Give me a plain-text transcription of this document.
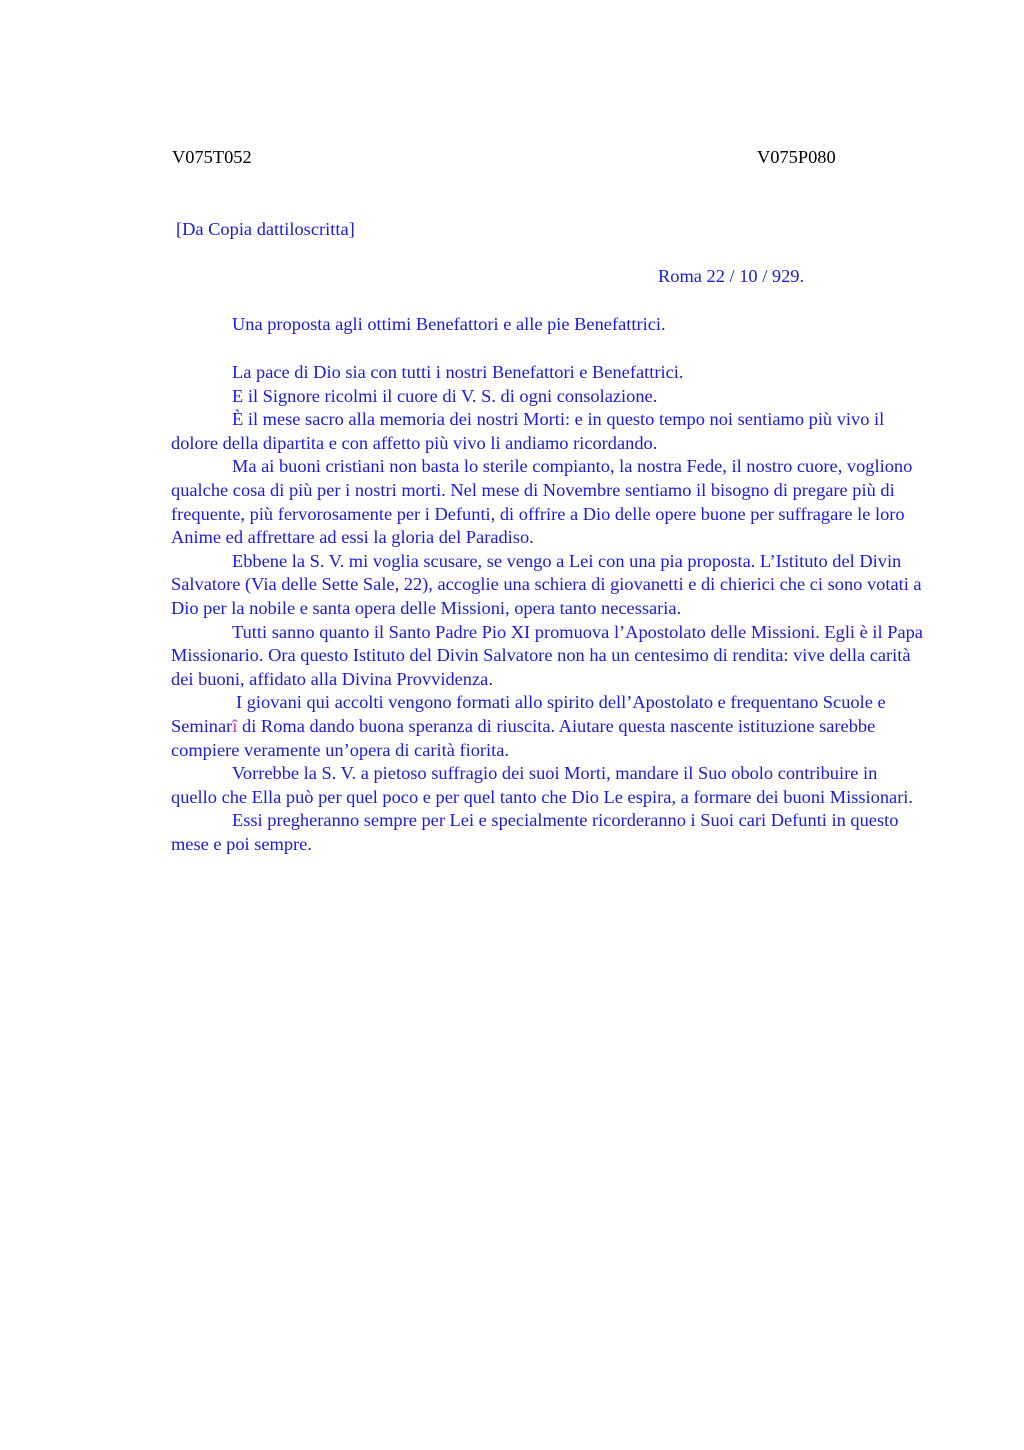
V075T052	V075P080
[Da Copia dattiloscritta]
Roma 22 / 10 / 929.
Una proposta agli ottimi Benefattori e alle pie Benefattrici.

La pace di Dio sia con tutti i nostri Benefattori e Benefattrici.

E il Signore ricolmi il cuore di V. S. di ogni consolazione.

È il mese sacro alla memoria dei nostri Morti: e in questo tempo noi sentiamo più vivo il dolore della dipartita e con affetto più vivo li andiamo ricordando.

Ma ai buoni cristiani non basta lo sterile compianto, la nostra Fede, il nostro cuore, vogliono qualche cosa di più per i nostri morti. Nel mese di Novembre sentiamo il bisogno di pregare più di frequente, più fervorosamente per i Defunti, di offrire a Dio delle opere buone per suffragare le loro Anime ed affrettare ad essi la gloria del Paradiso.

Ebbene la S. V. mi voglia scusare, se vengo a Lei con una pia proposta. L’Istituto del Divin Salvatore (Via delle Sette Sale, 22), accoglie una schiera di giovanetti e di chierici che ci sono votati a Dio per la nobile e santa opera delle Missioni, opera tanto necessaria.

Tutti sanno quanto il Santo Padre Pio XI promuova l’Apostolato delle Missioni. Egli è il Papa Missionario. Ora questo Istituto del Divin Salvatore non ha un centesimo di rendita: vive della carità dei buoni, affidato alla Divina Provvidenza.

I giovani qui accolti vengono formati allo spirito dell’Apostolato e frequentano Scuole e Seminarî di Roma dando buona speranza di riuscita. Aiutare questa nascente istituzione sarebbe compiere veramente un’opera di carità fiorita.

Vorrebbe la S. V. a pietoso suffragio dei suoi Morti, mandare il Suo obolo contribuire in quello che Ella può per quel poco e per quel tanto che Dio Le espira, a formare dei buoni Missionari.

Essi pregheranno sempre per Lei e specialmente ricorderanno i Suoi cari Defunti in questo mese e poi sempre.
